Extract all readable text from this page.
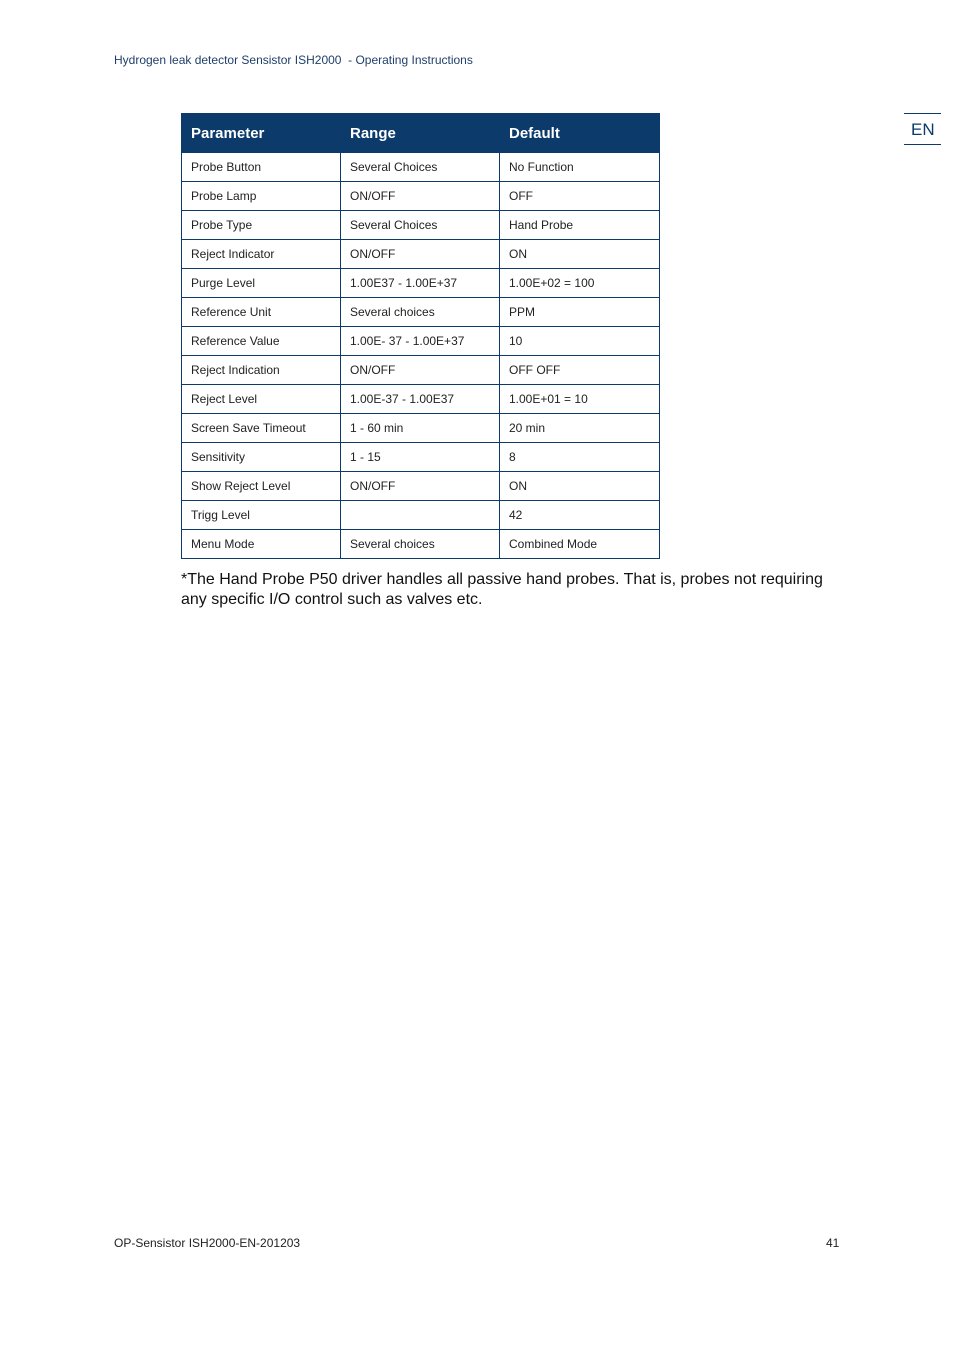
Hydrogen leak detector Sensistor ISH2000  - Operating Instructions
EN
Parameter	Range	Default
Probe Button	Several Choices	No Function
Probe Lamp	ON/OFF	OFF
Probe Type	Several Choices	Hand Probe
Reject Indicator	ON/OFF	ON
Purge Level	1.00E37 - 1.00E+37	1.00E+02 = 100
Reference Unit	Several choices	PPM
Reference Value	1.00E- 37 - 1.00E+37	10
Reject Indication	ON/OFF	OFF OFF
Reject Level	1.00E-37 - 1.00E37	1.00E+01 = 10
Screen Save Timeout	1 - 60 min	20 min
Sensitivity	1 - 15	8
Show Reject Level	ON/OFF	ON
Trigg Level		42
Menu Mode	Several choices	Combined Mode
*The Hand Probe P50 driver handles all passive hand probes. That is, probes not requiring any specific I/O control such as valves etc.
OP-Sensistor ISH2000-EN-201203	41
